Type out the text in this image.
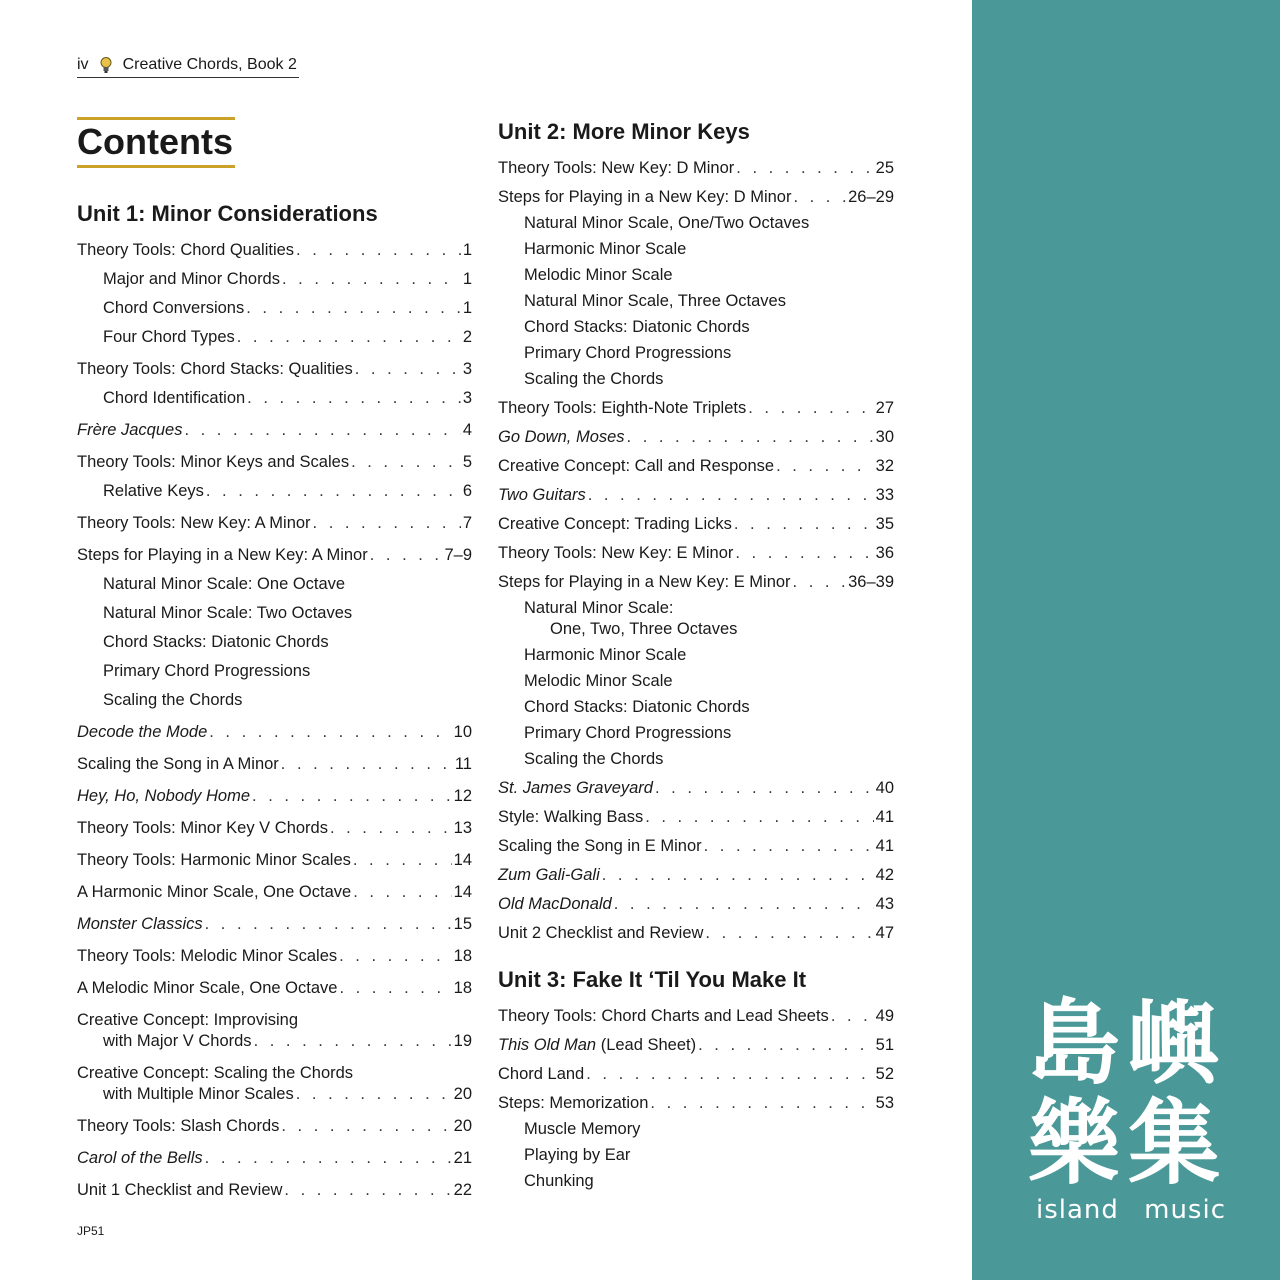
iv Creative Chords, Book 2
Contents
Unit 1: Minor Considerations
Theory Tools: Chord Qualities . . .	1
Major and Minor Chords . . .	1
Chord Conversions . . .	1
Four Chord Types . . .	2
Theory Tools: Chord Stacks: Qualities . . .	3
Chord Identification . . .	3
Frère Jacques . . .	4
Theory Tools: Minor Keys and Scales . . .	5
Relative Keys . . .	6
Theory Tools: New Key: A Minor . . .	7
Steps for Playing in a New Key: A Minor . . .	7–9
Natural Minor Scale: One Octave
Natural Minor Scale: Two Octaves
Chord Stacks: Diatonic Chords
Primary Chord Progressions
Scaling the Chords
Decode the Mode . . .	10
Scaling the Song in A Minor . . .	11
Hey, Ho, Nobody Home . . .	12
Theory Tools: Minor Key V Chords . . .	13
Theory Tools: Harmonic Minor Scales . . .	14
A Harmonic Minor Scale, One Octave . . .	14
Monster Classics . . .	15
Theory Tools: Melodic Minor Scales . . .	18
A Melodic Minor Scale, One Octave . . .	18
Creative Concept: Improvising
with Major V Chords . . .	19
Creative Concept: Scaling the Chords
with Multiple Minor Scales . . .	20
Theory Tools: Slash Chords . . .	20
Carol of the Bells . . .	21
Unit 1 Checklist and Review . . .	22
Unit 2: More Minor Keys
Theory Tools: New Key: D Minor . . .	25
Steps for Playing in a New Key: D Minor . . .	26–29
Natural Minor Scale, One/Two Octaves
Harmonic Minor Scale
Melodic Minor Scale
Natural Minor Scale, Three Octaves
Chord Stacks: Diatonic Chords
Primary Chord Progressions
Scaling the Chords
Theory Tools: Eighth-Note Triplets . . .	27
Go Down, Moses . . .	30
Creative Concept: Call and Response . . .	32
Two Guitars . . .	33
Creative Concept: Trading Licks . . .	35
Theory Tools: New Key: E Minor . . .	36
Steps for Playing in a New Key: E Minor . . .	36–39
Natural Minor Scale:
One, Two, Three Octaves
Harmonic Minor Scale
Melodic Minor Scale
Chord Stacks: Diatonic Chords
Primary Chord Progressions
Scaling the Chords
St. James Graveyard . . .	40
Style: Walking Bass . . .	41
Scaling the Song in E Minor . . .	41
Zum Gali-Gali . . .	42
Old MacDonald . . .	43
Unit 2 Checklist and Review . . .	47
Unit 3: Fake It ‘Til You Make It
Theory Tools: Chord Charts and Lead Sheets . . .	49
This Old Man (Lead Sheet) . . .	51
Chord Land . . .	52
Steps: Memorization . . .	53
Muscle Memory
Playing by Ear
Chunking
JP51
島 嶼
樂 集
island music
